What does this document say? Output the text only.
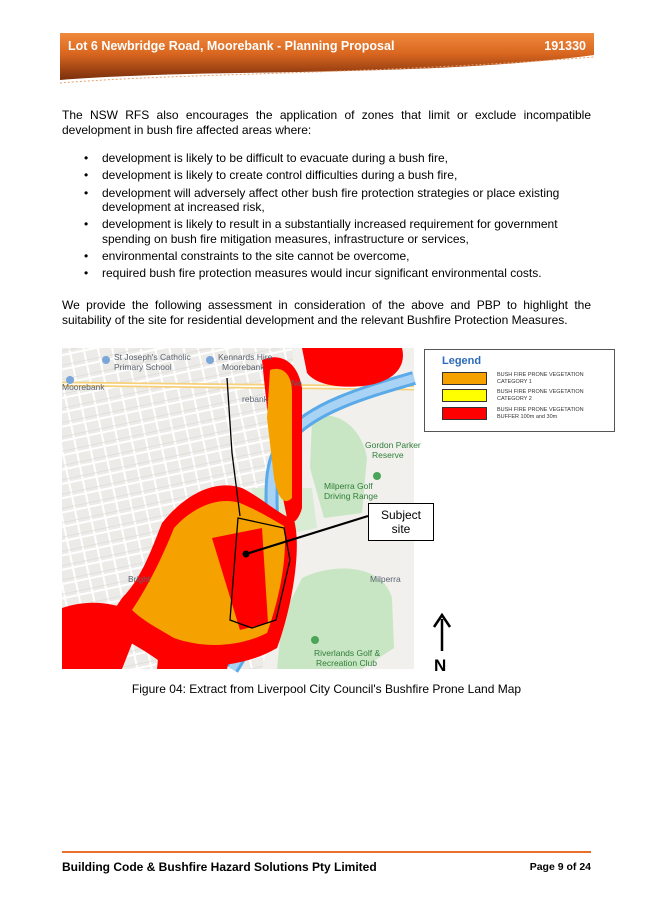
Lot 6 Newbridge Road, Moorebank - Planning Proposal	191330
The NSW RFS also encourages the application of zones that limit or exclude incompatible development in bush fire affected areas where:
• development is likely to be difficult to evacuate during a bush fire,
• development is likely to create control difficulties during a bush fire,
• development will adversely affect other bush fire protection strategies or place existing development at increased risk,
• development is likely to result in a substantially increased requirement for government spending on bush fire mitigation measures, infrastructure or services,
• environmental constraints to the site cannot be overcome,
• required bush fire protection measures would incur significant environmental costs.
We provide the following assessment in consideration of the above and PBP to highlight the suitability of the site for residential development and the relevant Bushfire Protection Measures.
St Joseph's Catholic
Primary School
Kennards Hire
Moorebank
Moorebank	Ne
rebank
Gordon Parker
Reserve
Milperra Golf
Driving Range
Milperra
Bright
Riverlands Golf &
Recreation Club
Subject
site
Legend
BUSH FIRE PRONE VEGETATION CATEGORY 1
BUSH FIRE PRONE VEGETATION CATEGORY 2
BUSH FIRE PRONE VEGETATION BUFFER 100m and 30m
N
Figure 04: Extract from Liverpool City Council's Bushfire Prone Land Map
Building Code & Bushfire Hazard Solutions Pty Limited	Page 9 of 24
